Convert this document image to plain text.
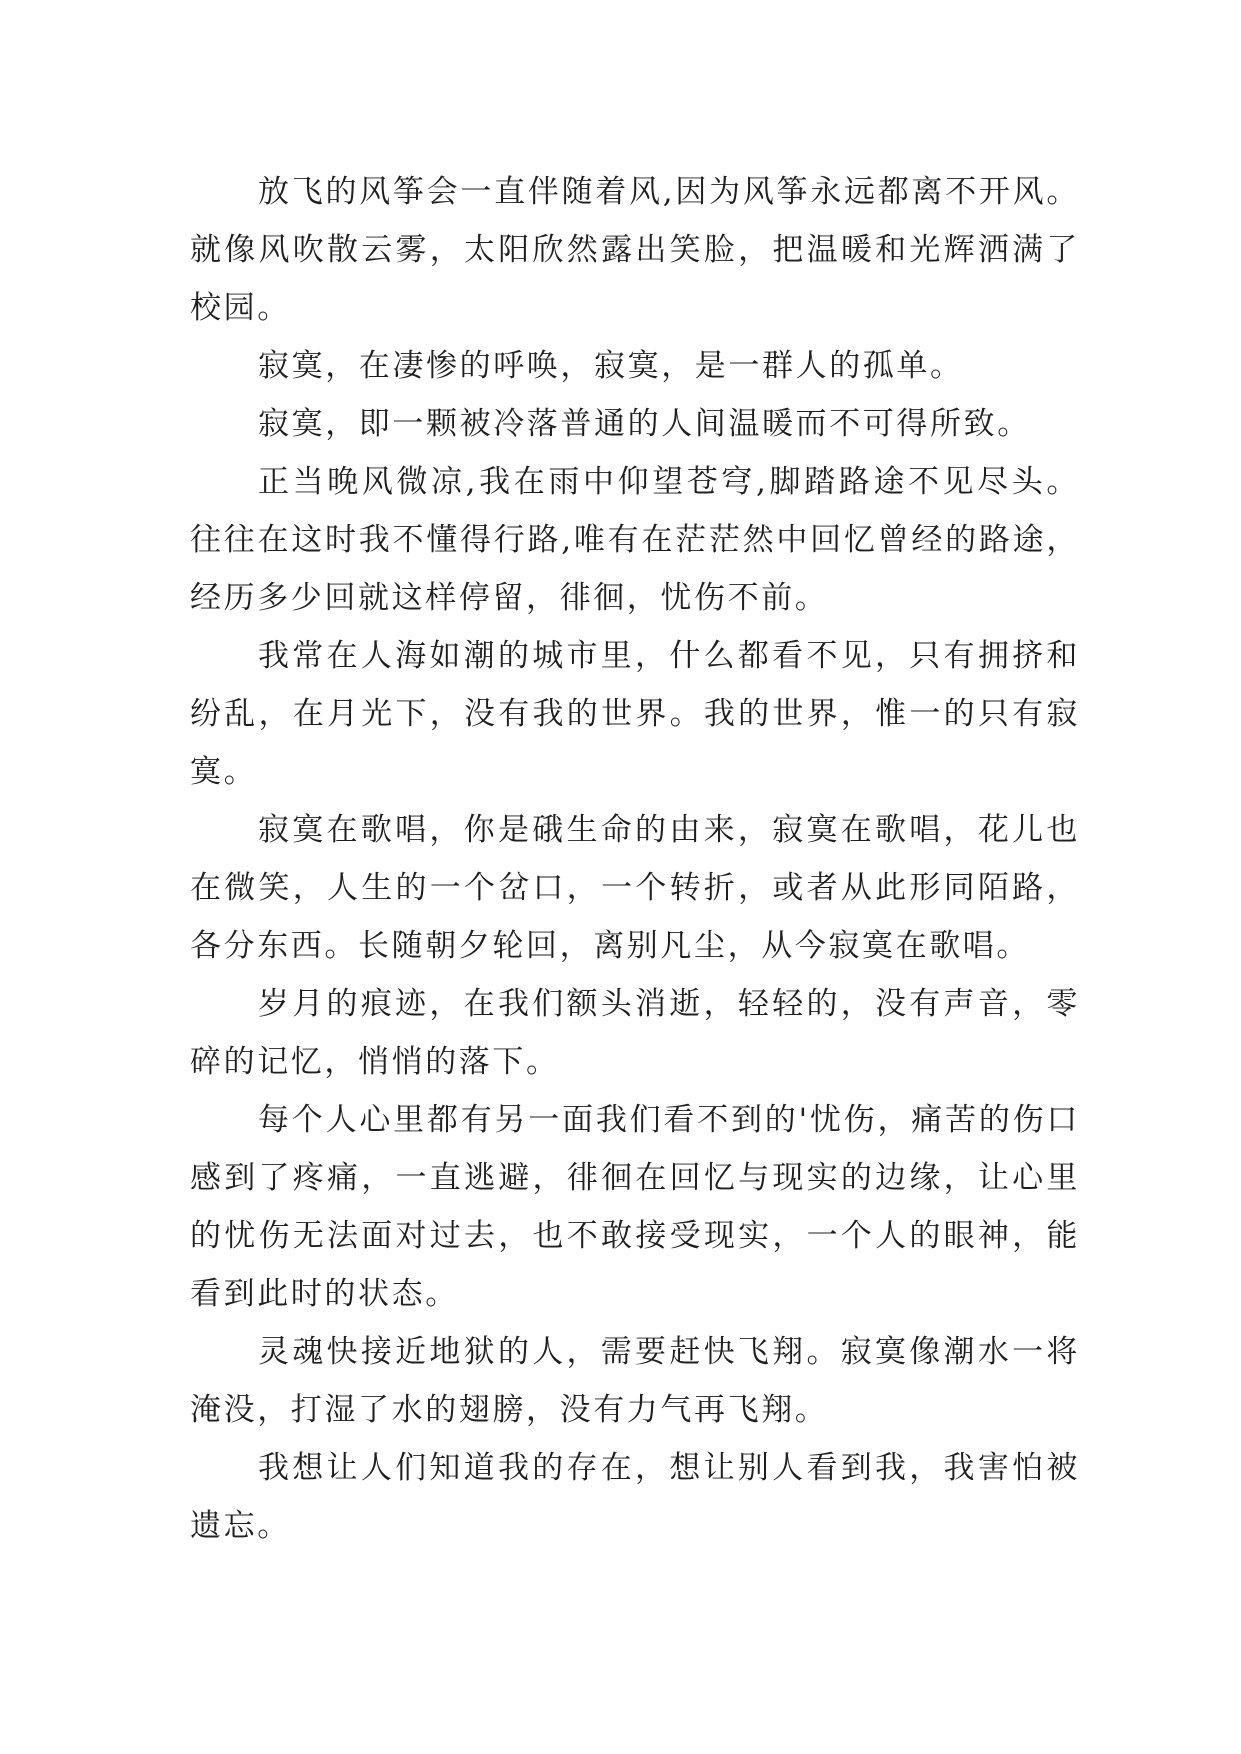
放飞的风筝会一直伴随着风,因为风筝永远都离不开风。就像风吹散云雾，太阳欣然露出笑脸，把温暖和光辉洒满了校园。

寂寞，在凄惨的呼唤，寂寞，是一群人的孤单。

寂寞，即一颗被冷落普通的人间温暖而不可得所致。

正当晚风微凉,我在雨中仰望苍穹,脚踏路途不见尽头。往往在这时我不懂得行路,唯有在茫茫然中回忆曾经的路途，经历多少回就这样停留，徘徊，忧伤不前。

我常在人海如潮的城市里，什么都看不见，只有拥挤和纷乱，在月光下，没有我的世界。我的世界，惟一的只有寂寞。

寂寞在歌唱，你是硪生命的由来，寂寞在歌唱，花儿也在微笑，人生的一个岔口，一个转折，或者从此形同陌路，各分东西。长随朝夕轮回，离别凡尘，从今寂寞在歌唱。

岁月的痕迹，在我们额头消逝，轻轻的，没有声音，零碎的记忆，悄悄的落下。

每个人心里都有另一面我们看不到的'忧伤，痛苦的伤口感到了疼痛，一直逃避，徘徊在回忆与现实的边缘，让心里的忧伤无法面对过去，也不敢接受现实，一个人的眼神，能看到此时的状态。

灵魂快接近地狱的人，需要赶快飞翔。寂寞像潮水一将淹没，打湿了水的翅膀，没有力气再飞翔。

我想让人们知道我的存在，想让别人看到我，我害怕被遗忘。
